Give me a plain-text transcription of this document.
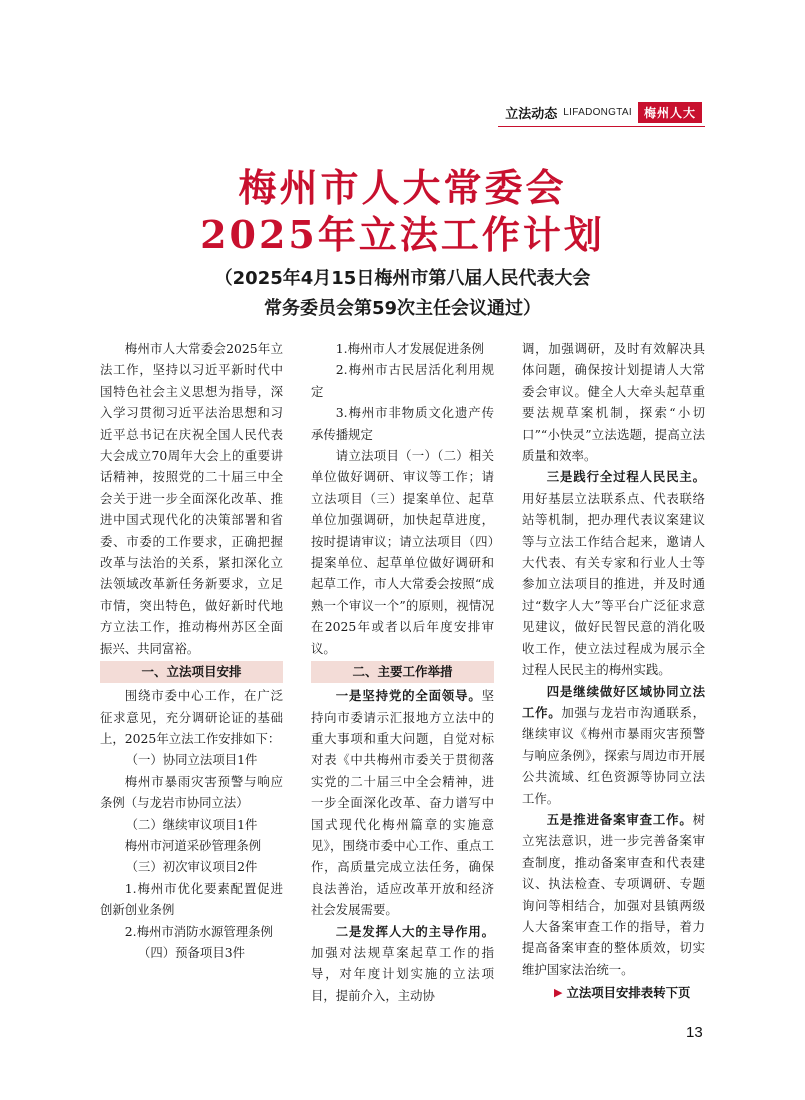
立法动态 LIFADONGTAI	梅州人大
梅州市人大常委会
2025年立法工作计划
（2025年4月15日梅州市第八届人民代表大会
常务委员会第59次主任会议通过）

梅州市人大常委会2025年立法工作，坚持以习近平新时代中国特色社会主义思想为指导，深入学习贯彻习近平法治思想和习近平总书记在庆祝全国人民代表大会成立70周年大会上的重要讲话精神，按照党的二十届三中全会关于进一步全面深化改革、推进中国式现代化的决策部署和省委、市委的工作要求，正确把握改革与法治的关系，紧扣深化立法领域改革新任务新要求，立足市情，突出特色，做好新时代地方立法工作，推动梅州苏区全面振兴、共同富裕。

一、立法项目安排

围绕市委中心工作，在广泛征求意见，充分调研论证的基础上，2025年立法工作安排如下：

（一）协同立法项目1件

梅州市暴雨灾害预警与响应条例（与龙岩市协同立法）

（二）继续审议项目1件

梅州市河道采砂管理条例

（三）初次审议项目2件

1.梅州市优化要素配置促进创新创业条例

2.梅州市消防水源管理条例

（四）预备项目3件

1.梅州市人才发展促进条例

2.梅州市古民居活化利用规定

3.梅州市非物质文化遗产传承传播规定

请立法项目（一）（二）相关单位做好调研、审议等工作；请立法项目（三）提案单位、起草单位加强调研，加快起草进度，按时提请审议；请立法项目（四）提案单位、起草单位做好调研和起草工作，市人大常委会按照“成熟一个审议一个”的原则，视情况在2025年或者以后年度安排审议。

二、主要工作举措

一是坚持党的全面领导。坚持向市委请示汇报地方立法中的重大事项和重大问题，自觉对标对表《中共梅州市委关于贯彻落实党的二十届三中全会精神，进一步全面深化改革、奋力谱写中国式现代化梅州篇章的实施意见》，围绕市委中心工作、重点工作，高质量完成立法任务，确保良法善治，适应改革开放和经济社会发展需要。

二是发挥人大的主导作用。加强对法规草案起草工作的指导，对年度计划实施的立法项目，提前介入，主动协

调，加强调研，及时有效解决具体问题，确保按计划提请人大常委会审议。健全人大牵头起草重要法规草案机制，探索“小切口”“小快灵”立法选题，提高立法质量和效率。

三是践行全过程人民民主。用好基层立法联系点、代表联络站等机制，把办理代表议案建议等与立法工作结合起来，邀请人大代表、有关专家和行业人士等参加立法项目的推进，并及时通过“数字人大”等平台广泛征求意见建议，做好民智民意的消化吸收工作，使立法过程成为展示全过程人民民主的梅州实践。

四是继续做好区域协同立法工作。加强与龙岩市沟通联系，继续审议《梅州市暴雨灾害预警与响应条例》，探索与周边市开展公共流域、红色资源等协同立法工作。

五是推进备案审查工作。树立宪法意识，进一步完善备案审查制度，推动备案审查和代表建议、执法检查、专项调研、专题询问等相结合，加强对县镇两级人大备案审查工作的指导，着力提高备案审查的整体质效，切实维护国家法治统一。

▶ 立法项目安排表转下页
13
